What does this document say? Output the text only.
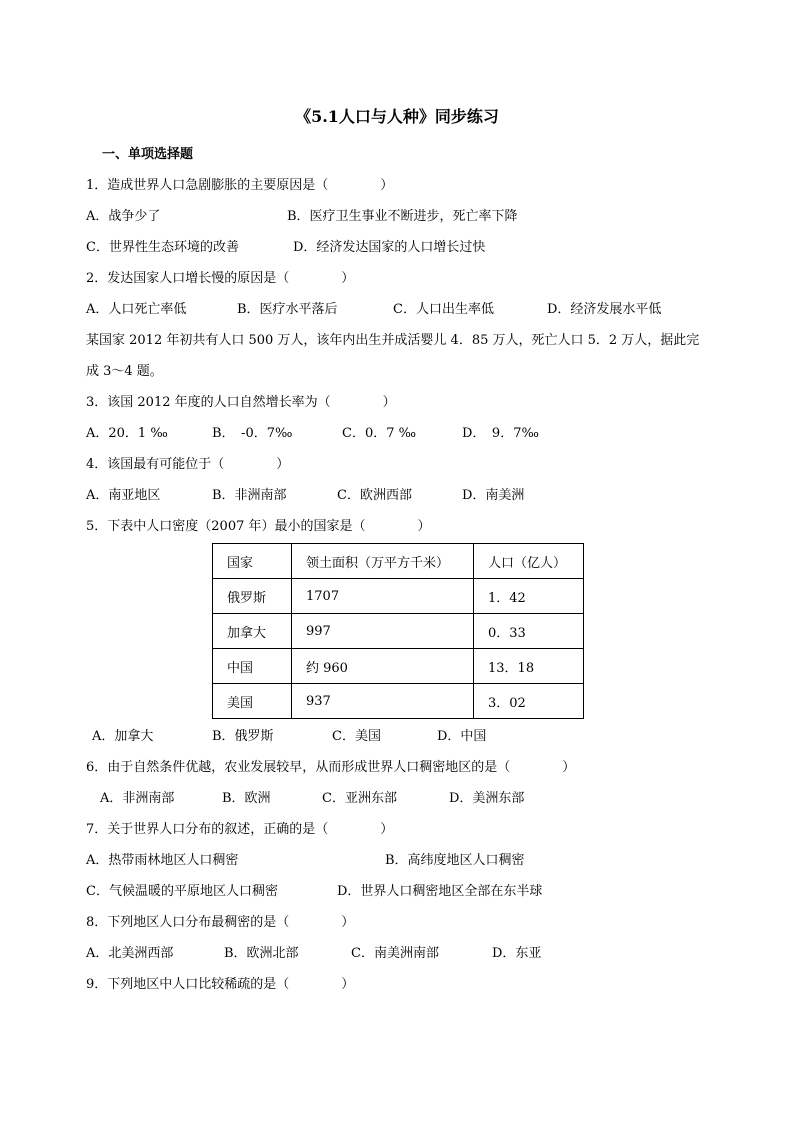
《5.1人口与人种》同步练习
一、单项选择题
1．造成世界人口急剧膨胀的主要原因是（　　　　）
A．战争少了	B．医疗卫生事业不断进步，死亡率下降
C．世界性生态环境的改善	D．经济发达国家的人口增长过快
2．发达国家人口增长慢的原因是（　　　　）
A．人口死亡率低	B．医疗水平落后	C．人口出生率低	D．经济发展水平低
某国家 2012 年初共有人口 500 万人，该年内出生并成活婴儿 4．85 万人，死亡人口 5．2 万人，据此完
成 3～4 题。
3．该国 2012 年度的人口自然增长率为（　　　　）
A．20．1 ‰	B．　-0．7‰	C．0．7 ‰	D．　9．7‰
4．该国最有可能位于（　　　　）
A．南亚地区	B．非洲南部	C．欧洲西部	D．南美洲
5．下表中人口密度（2007 年）最小的国家是（　　　　）
国家	领土面积（万平方千米）	人口（亿人）
俄罗斯	1707	1．42
加拿大	997	0．33
中国	约 960	13．18
美国	937	3．02
A．加拿大	B．俄罗斯	C．美国	D．中国
6．由于自然条件优越，农业发展较早，从而形成世界人口稠密地区的是（　　　　）
A．非洲南部	B．欧洲	C．亚洲东部	D．美洲东部
7．关于世界人口分布的叙述，正确的是（　　　　）
A．热带雨林地区人口稠密	B．高纬度地区人口稠密
C．气候温暖的平原地区人口稠密	D．世界人口稠密地区全部在东半球
8．下列地区人口分布最稠密的是（　　　　）
A．北美洲西部	B．欧洲北部	C．南美洲南部	D．东亚
9．下列地区中人口比较稀疏的是（　　　　）
